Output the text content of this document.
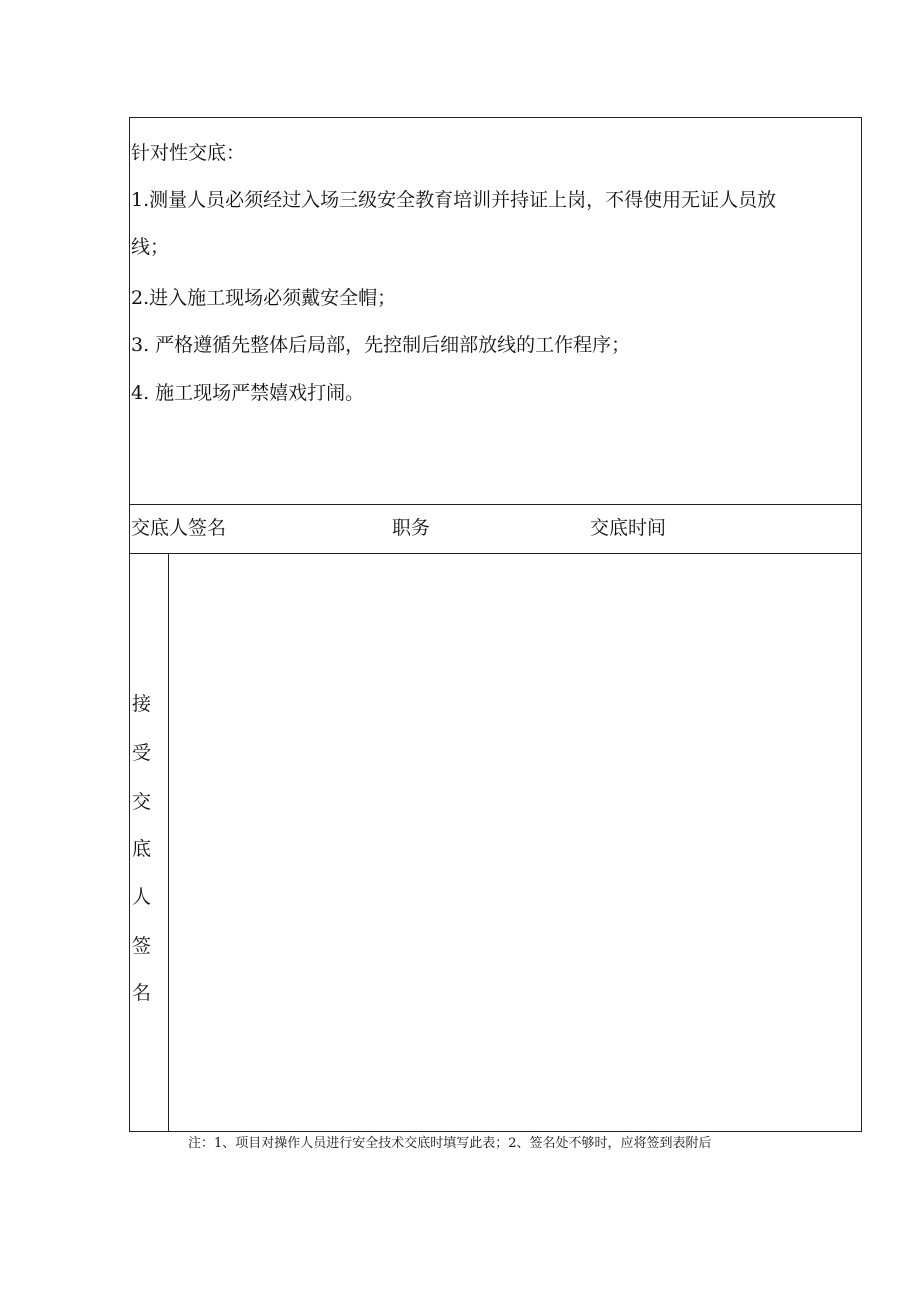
针对性交底：
1.测量人员必须经过入场三级安全教育培训并持证上岗，不得使用无证人员放
线；
2.进入施工现场必须戴安全帽；
3. 严格遵循先整体后局部，先控制后细部放线的工作程序；
4. 施工现场严禁嬉戏打闹。
交底人签名	职务	交底时间
接
受
交
底
人
签
名
注：1、项目对操作人员进行安全技术交底时填写此表；2、签名处不够时，应将签到表附后
